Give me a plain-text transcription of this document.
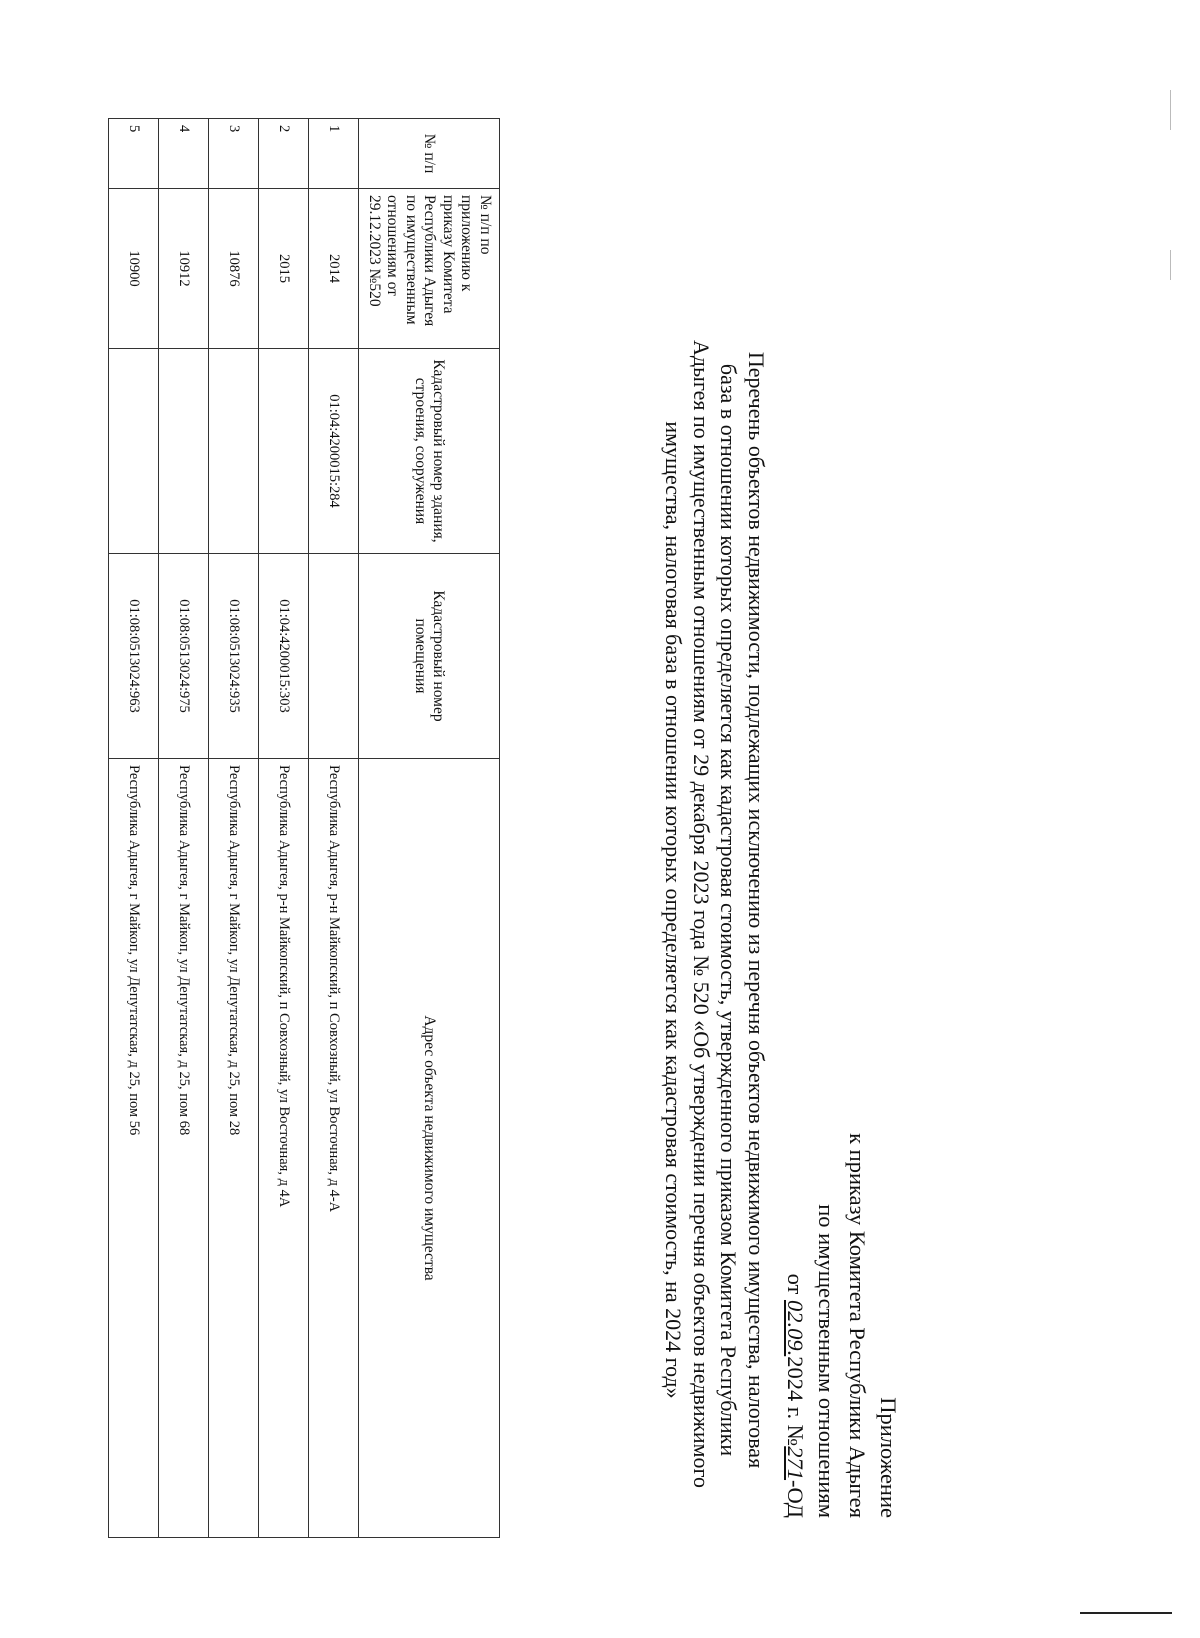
Приложение
к приказу Комитета Республики Адыгея
по имущественным отношениям
от 02.09.2024 г. №271-ОД
Перечень объектов недвижимости, подлежащих исключению из перечня объектов недвижимого имущества, налоговая
база в отношении которых определяется как кадастровая стоимость, утвержденного приказом Комитета Республики
Адыгея по имущественным отношениям от 29 декабря 2023 года № 520 «Об утверждении перечня объектов недвижимого
имущества, налоговая база в отношении которых определяется как кадастровая стоимость, на 2024 год»
№ п/п	№ п/п по приложению к приказу Комитета Республики Адыгея по имущественным отношениям от 29.12.2023 №520	Кадастровый номер здания, строения, сооружения	Кадастровый номер помещения	Адрес объекта недвижимого имущества
1	2014	01:04:4200015:284		Республика Адыгея, р-н Майкопский, п Совхозный, ул Восточная, д 4-А
2	2015		01:04:4200015:303	Республика Адыгея, р-н Майкопский, п Совхозный, ул Восточная, д 4А
3	10876		01:08:0513024:935	Республика Адыгея, г Майкоп, ул Депутатская, д 25, пом 28
4	10912		01:08:0513024:975	Республика Адыгея, г Майкоп, ул Депутатская, д 25, пом 68
5	10900		01:08:0513024:963	Республика Адыгея, г Майкоп, ул Депутатская, д 25, пом 56
